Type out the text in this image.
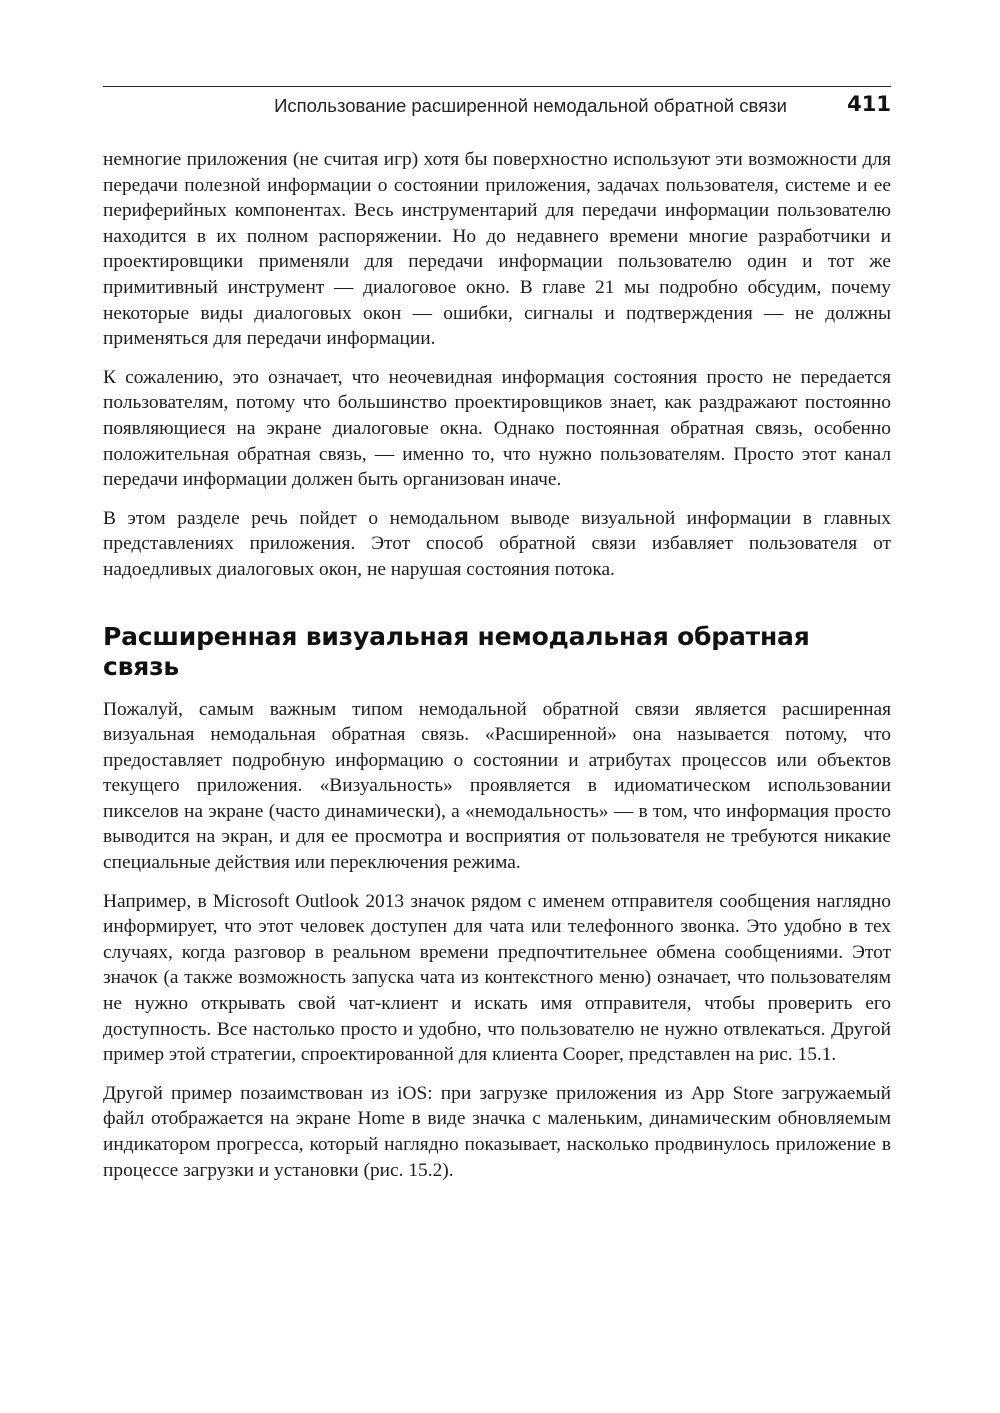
Использование расширенной немодальной обратной связи	411

немногие приложения (не считая игр) хотя бы поверхностно используют эти возможности для передачи полезной информации о состоянии приложения, задачах пользователя, системе и ее периферийных компонентах. Весь инструментарий для передачи информации пользователю находится в их полном распоряжении. Но до недавнего времени многие разработчики и проектировщики применяли для передачи информации пользователю один и тот же примитивный инструмент — диалоговое окно. В главе 21 мы подробно обсудим, почему некоторые виды диалоговых окон — ошибки, сигналы и подтверждения — не должны применяться для передачи информации.

К сожалению, это означает, что неочевидная информация состояния просто не передается пользователям, потому что большинство проектировщиков знает, как раздражают постоянно появляющиеся на экране диалоговые окна. Однако постоянная обратная связь, особенно положительная обратная связь, — именно то, что нужно пользователям. Просто этот канал передачи информации должен быть организован иначе.

В этом разделе речь пойдет о немодальном выводе визуальной информации в главных представлениях приложения. Этот способ обратной связи избавляет пользователя от надоедливых диалоговых окон, не нарушая состояния потока.

Расширенная визуальная немодальная обратная связь

Пожалуй, самым важным типом немодальной обратной связи является расширенная визуальная немодальная обратная связь. «Расширенной» она называется потому, что предоставляет подробную информацию о состоянии и атрибутах процессов или объектов текущего приложения. «Визуальность» проявляется в идиоматическом использовании пикселов на экране (часто динамически), а «немодальность» — в том, что информация просто выводится на экран, и для ее просмотра и восприятия от пользователя не требуются никакие специальные действия или переключения режима.

Например, в Microsoft Outlook 2013 значок рядом с именем отправителя сообщения наглядно информирует, что этот человек доступен для чата или телефонного звонка. Это удобно в тех случаях, когда разговор в реальном времени предпочтительнее обмена сообщениями. Этот значок (а также возможность запуска чата из контекстного меню) означает, что пользователям не нужно открывать свой чат-клиент и искать имя отправителя, чтобы проверить его доступность. Все настолько просто и удобно, что пользователю не нужно отвлекаться. Другой пример этой стратегии, спроектированной для клиента Cooper, представлен на рис. 15.1.

Другой пример позаимствован из iOS: при загрузке приложения из App Store загружаемый файл отображается на экране Home в виде значка с маленьким, динамическим обновляемым индикатором прогресса, который наглядно показывает, насколько продвинулось приложение в процессе загрузки и установки (рис. 15.2).
